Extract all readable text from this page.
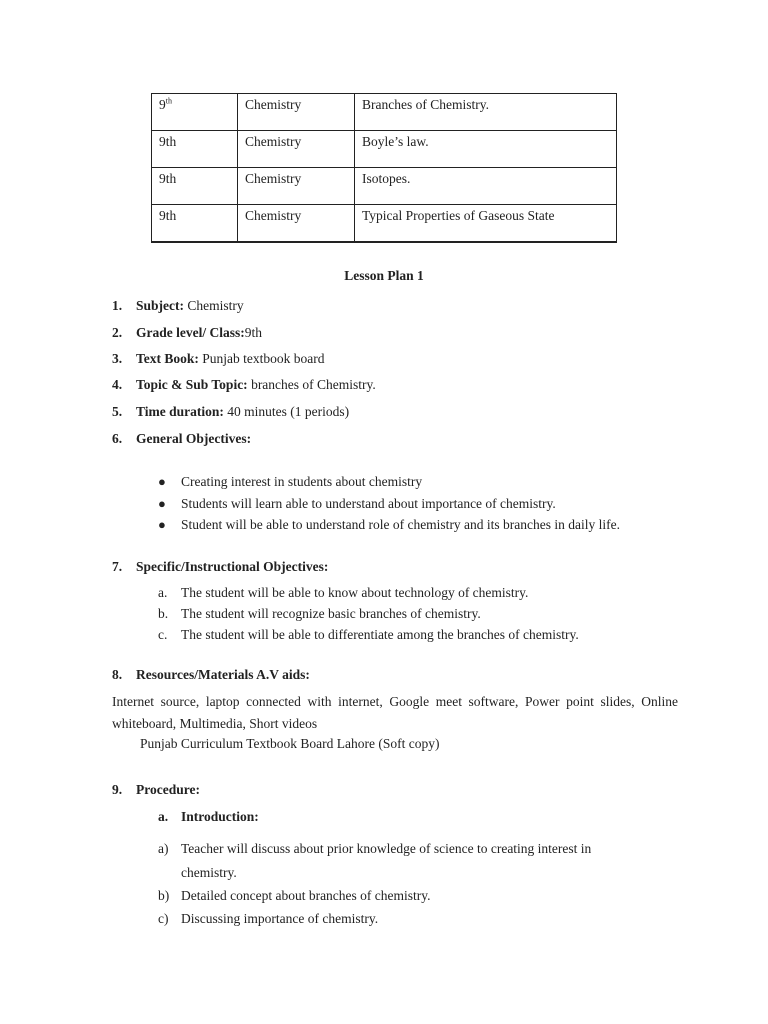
9th	Chemistry	Branches of Chemistry.
9th	Chemistry	Boyle’s law.
9th	Chemistry	Isotopes.
9th	Chemistry	Typical Properties of Gaseous State
Lesson Plan 1
1.	Subject: Chemistry
2.	Grade level/ Class:9th
3.	Text Book: Punjab textbook board
4.	Topic & Sub Topic: branches of Chemistry.
5.	Time duration: 40 minutes (1 periods)
6.	General Objectives:
● Creating interest in students about chemistry
● Students will learn able to understand about importance of chemistry.
● Student will be able to understand role of chemistry and its branches in daily life.
7.	Specific/Instructional Objectives:
a. The student will be able to know about technology of chemistry.
b. The student will recognize basic branches of chemistry.
c. The student will be able to differentiate among the branches of chemistry.
8.	Resources/Materials A.V aids:
Internet source, laptop connected with internet, Google meet software, Power point slides, Online whiteboard, Multimedia, Short videos
Punjab Curriculum Textbook Board Lahore (Soft copy)
9.	Procedure:
a. Introduction:
a) Teacher will discuss about prior knowledge of science to creating interest in
chemistry.
b) Detailed concept about branches of chemistry.
c) Discussing importance of chemistry.
